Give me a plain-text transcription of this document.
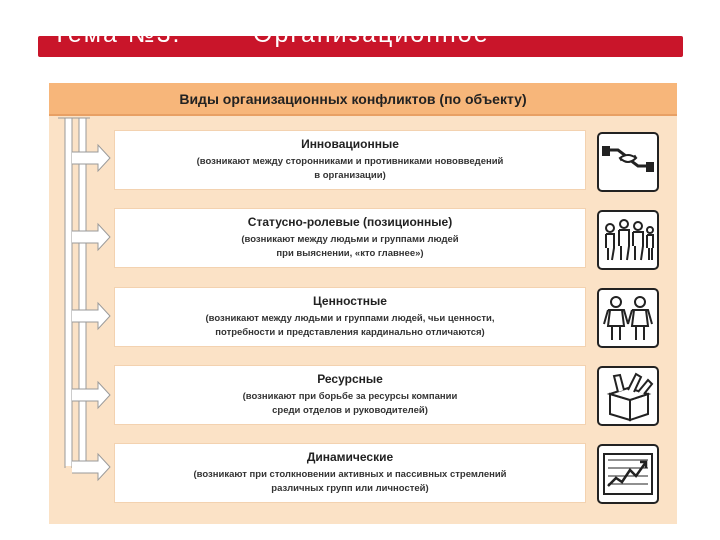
Тема №3.        Организационное
поведение
Виды организационных конфликтов (по объекту)
Инновационные
(возникают между сторонниками и противниками нововведений
в организации)
Статусно-ролевые (позиционные)
(возникают между людьми и группами людей
при выяснении, «кто главнее»)
Ценностные
(возникают между людьми и группами людей, чьи ценности,
потребности и представления кардинально отличаются)
Ресурсные
(возникают при борьбе за ресурсы компании
среди отделов и руководителей)
Динамические
(возникают при столкновении активных и пассивных стремлений
различных групп или личностей)
